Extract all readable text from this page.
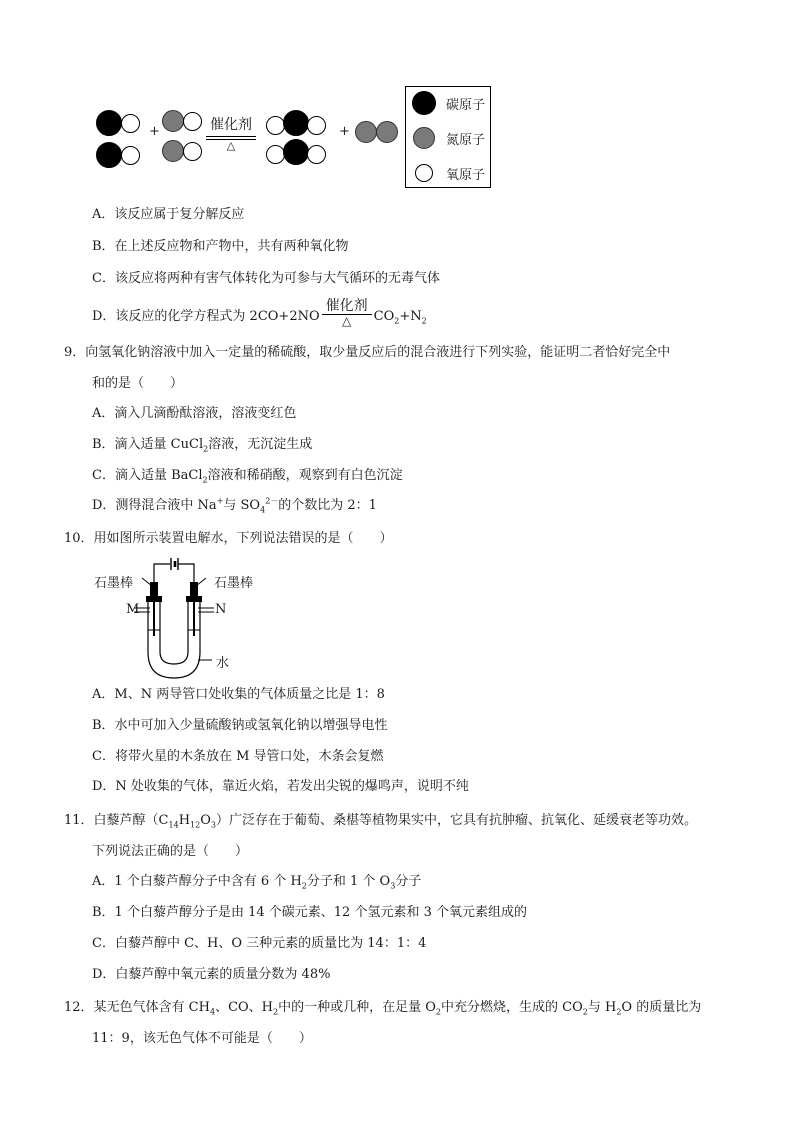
+	催化剂
△
+
碳原子
氮原子
氧原子
A．该反应属于复分解反应
B．在上述反应物和产物中，共有两种氧化物
C．该反应将两种有害气体转化为可参与大气循环的无毒气体
D．该反应的化学方程式为 2CO+2NO
催化剂
△	$CO_2+N_2$
9．向氢氧化钠溶液中加入一定量的稀硫酸，取少量反应后的混合液进行下列实验，能证明二者恰好完全中
和的是（　　）
A．滴入几滴酚酞溶液，溶液变红色
B．滴入适量 CuCl$_2$溶液，无沉淀生成
C．滴入适量 BaCl$_2$溶液和稀硝酸，观察到有白色沉淀
D．测得混合液中 Na+与 $SO_4^{2-}$的个数比为 2：1
10．用如图所示装置电解水，下列说法错误的是（　　）
石墨棒	石墨棒
M	N
水
A．M、N 两导管口处收集的气体质量之比是 1：8
B．水中可加入少量硫酸钠或氢氧化钠以增强导电性
C．将带火星的木条放在 M 导管口处，木条会复燃
D．N 处收集的气体，靠近火焰，若发出尖锐的爆鸣声，说明不纯
11．白藜芦醇$(C_{14}H_{12}O_3)$广泛存在于葡萄、桑椹等植物果实中，它具有抗肿瘤、抗氧化、延缓衰老等功效。
下列说法正确的是（　　）
A．1 个白藜芦醇分子中含有 6 个 $H_2$分子和 1 个 $O_3$分子
B．1 个白藜芦醇分子是由 14 个碳元素、12 个氢元素和 3 个氧元素组成的
C．白藜芦醇中 C、H、O 三种元素的质量比为 14：1：4
D．白藜芦醇中氧元素的质量分数为 48%
12．某无色气体含有 $CH_4$、CO、$H_2$中的一种或几种，在足量 $O_2$中充分燃烧，生成的 $CO_2$与 $H_2O$ 的质量比为
11：9，该无色气体不可能是（　　）
